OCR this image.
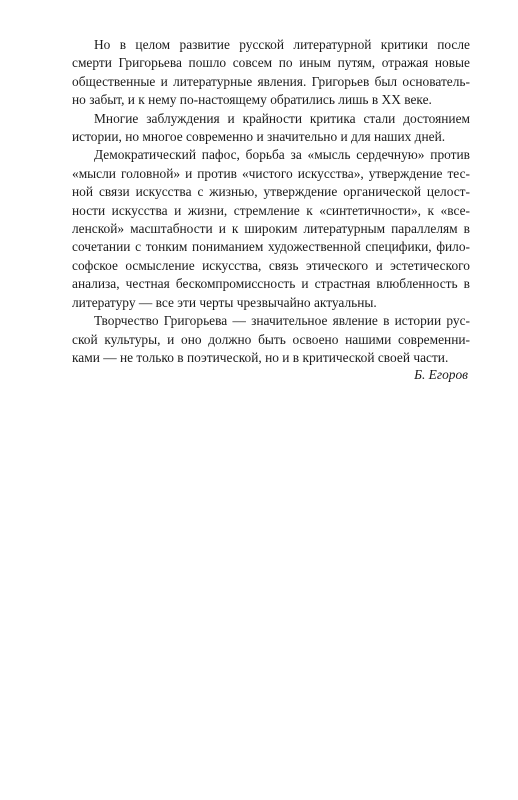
Но в целом развитие русской литературной критики после
смерти Григорьева пошло совсем по иным путям, отражая новые
общественные и литературные явления. Григорьев был основатель-
но забыт, и к нему по-настоящему обратились лишь в XX веке.
Многие заблуждения и крайности критика стали достоянием
истории, но многое современно и значительно и для наших дней.
Демократический пафос, борьба за «мысль сердечную» против
«мысли головной» и против «чистого искусства», утверждение тес-
ной связи искусства с жизнью, утверждение органической целост-
ности искусства и жизни, стремление к «синтетичности», к «все-
ленской» масштабности и к широким литературным параллелям в
сочетании с тонким пониманием художественной специфики, фило-
софское осмысление искусства, связь этического и эстетического
анализа, честная бескомпромиссность и страстная влюбленность в
литературу — все эти черты чрезвычайно актуальны.
Творчество Григорьева — значительное явление в истории рус-
ской культуры, и оно должно быть освоено нашими современни-
ками — не только в поэтической, но и в критической своей части.
Б. Егоров
